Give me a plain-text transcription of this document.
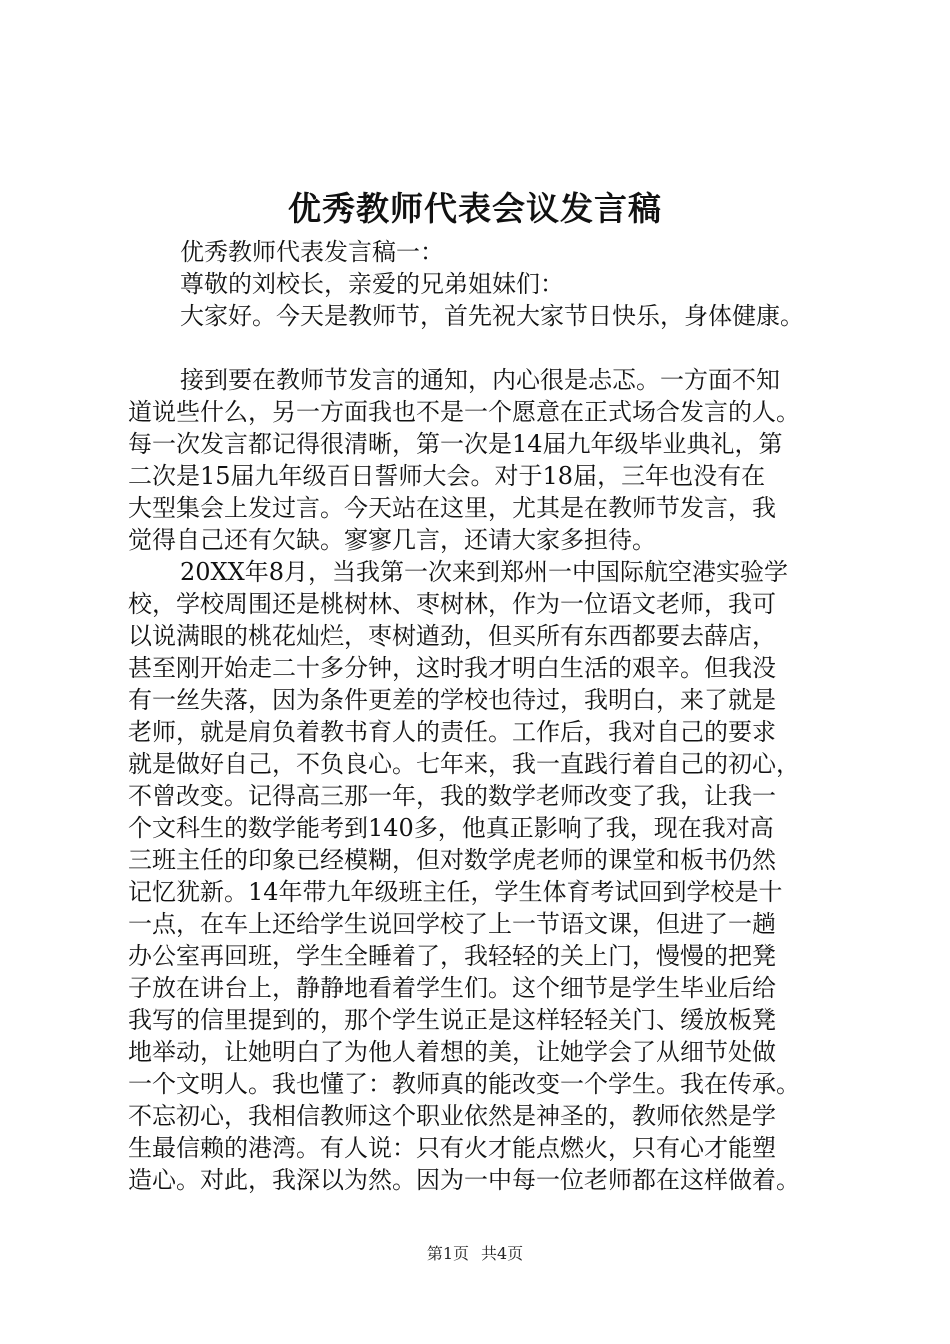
优秀教师代表会议发言稿
优秀教师代表发言稿一：
尊敬的刘校长，亲爱的兄弟姐妹们：
大家好。今天是教师节，首先祝大家节日快乐，身体健康。
接到要在教师节发言的通知，内心很是忐忑。一方面不知
道说些什么，另一方面我也不是一个愿意在正式场合发言的人。
每一次发言都记得很清晰，第一次是14届九年级毕业典礼，第
二次是15届九年级百日誓师大会。对于18届，三年也没有在
大型集会上发过言。今天站在这里，尤其是在教师节发言，我
觉得自己还有欠缺。寥寥几言，还请大家多担待。
20XX年8月，当我第一次来到郑州一中国际航空港实验学
校，学校周围还是桃树林、枣树林，作为一位语文老师，我可
以说满眼的桃花灿烂，枣树遒劲，但买所有东西都要去薛店，
甚至刚开始走二十多分钟，这时我才明白生活的艰辛。但我没
有一丝失落，因为条件更差的学校也待过，我明白，来了就是
老师，就是肩负着教书育人的责任。工作后，我对自己的要求
就是做好自己，不负良心。七年来，我一直践行着自己的初心，
不曾改变。记得高三那一年，我的数学老师改变了我，让我一
个文科生的数学能考到140多，他真正影响了我，现在我对高
三班主任的印象已经模糊，但对数学虎老师的课堂和板书仍然
记忆犹新。14年带九年级班主任，学生体育考试回到学校是十
一点，在车上还给学生说回学校了上一节语文课，但进了一趟
办公室再回班，学生全睡着了，我轻轻的关上门，慢慢的把凳
子放在讲台上，静静地看着学生们。这个细节是学生毕业后给
我写的信里提到的，那个学生说正是这样轻轻关门、缓放板凳
地举动，让她明白了为他人着想的美，让她学会了从细节处做
一个文明人。我也懂了：教师真的能改变一个学生。我在传承。
不忘初心，我相信教师这个职业依然是神圣的，教师依然是学
生最信赖的港湾。有人说：只有火才能点燃火，只有心才能塑
造心。对此，我深以为然。因为一中每一位老师都在这样做着。
第1页 共4页
